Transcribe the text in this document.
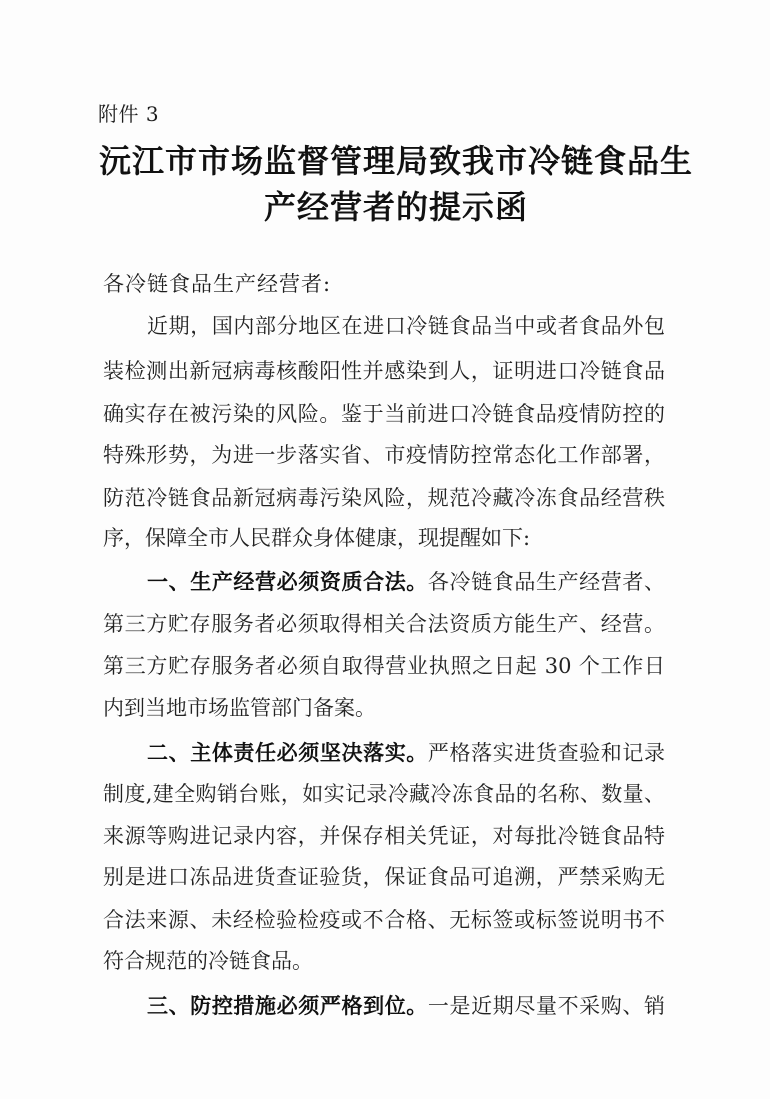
附件 3
沅江市市场监督管理局致我市冷链食品生
产经营者的提示函
各冷链食品生产经营者:
近期，国内部分地区在进口冷链食品当中或者食品外包
装检测出新冠病毒核酸阳性并感染到人，证明进口冷链食品
确实存在被污染的风险。鉴于当前进口冷链食品疫情防控的
特殊形势，为进一步落实省、市疫情防控常态化工作部署，
防范冷链食品新冠病毒污染风险，规范冷藏冷冻食品经营秩
序，保障全市人民群众身体健康，现提醒如下:
一、生产经营必须资质合法。各冷链食品生产经营者、
第三方贮存服务者必须取得相关合法资质方能生产、经营。
第三方贮存服务者必须自取得营业执照之日起 30 个工作日
内到当地市场监管部门备案。
二、主体责任必须坚决落实。严格落实进货查验和记录
制度,建全购销台账，如实记录冷藏冷冻食品的名称、数量、
来源等购进记录内容，并保存相关凭证，对每批冷链食品特
别是进口冻品进货查证验货，保证食品可追溯，严禁采购无
合法来源、未经检验检疫或不合格、无标签或标签说明书不
符合规范的冷链食品。
三、防控措施必须严格到位。一是近期尽量不采购、销
